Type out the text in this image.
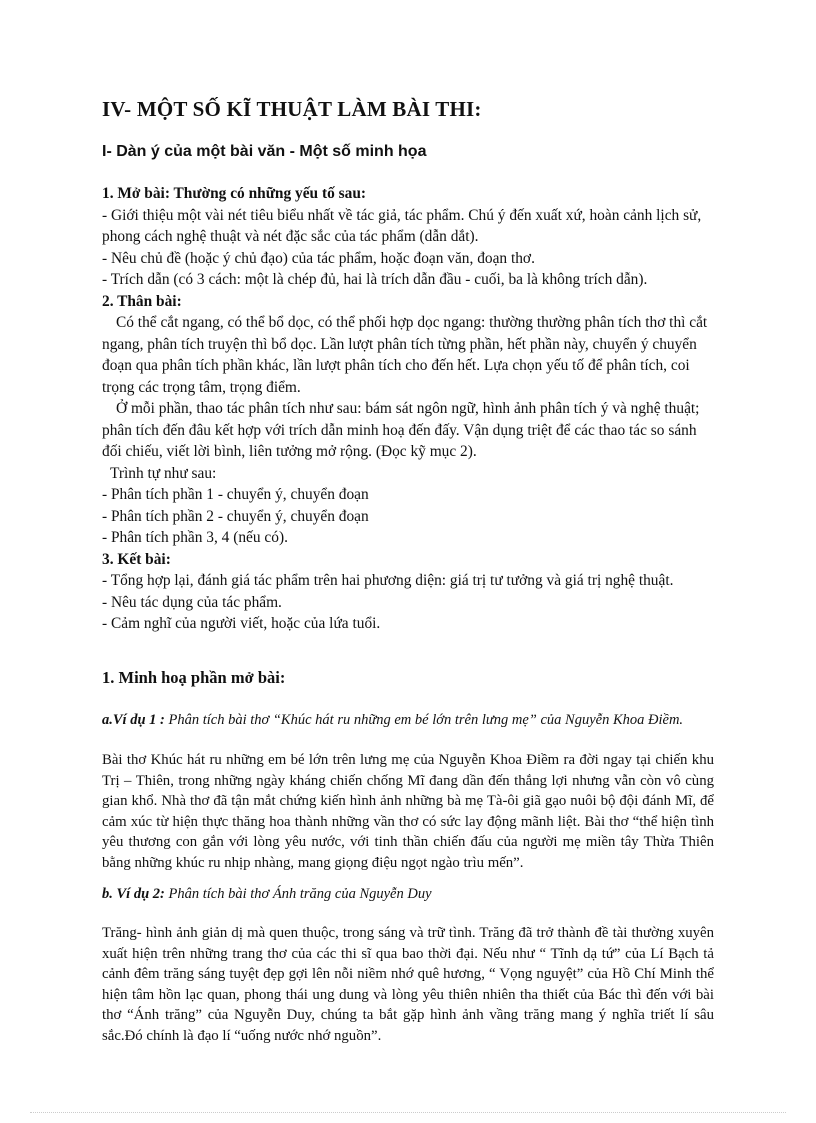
IV- MỘT SỐ KĨ THUẬT LÀM BÀI THI:
I- Dàn ý của một bài văn - Một số minh họa

1. Mở bài: Thường có những yếu tố sau:

- Giới thiệu một vài nét tiêu biểu nhất về tác giả, tác phẩm. Chú ý đến xuất xứ, hoàn cảnh lịch sử, phong cách nghệ thuật và nét đặc sắc của tác phẩm (dẫn dắt).

- Nêu chủ đề (hoặc ý chủ đạo) của tác phẩm, hoặc đoạn văn, đoạn thơ.

- Trích dẫn (có 3 cách: một là chép đủ, hai là trích dẫn đầu - cuối, ba là không trích dẫn).

2. Thân bài:

Có thể cắt ngang, có thể bổ dọc, có thể phối hợp dọc ngang: thường thường phân tích thơ thì cắt ngang, phân tích truyện thì bổ dọc. Lần lượt phân tích từng phần, hết phần này, chuyển ý chuyển đoạn qua phân tích phần khác, lần lượt phân tích cho đến hết. Lựa chọn yếu tố để phân tích, coi trọng các trọng tâm, trọng điểm.

Ở mỗi phần, thao tác phân tích như sau: bám sát ngôn ngữ, hình ảnh phân tích ý và nghệ thuật; phân tích đến đâu kết hợp với trích dẫn minh hoạ đến đấy. Vận dụng triệt để các thao tác so sánh đối chiếu, viết lời bình, liên tưởng mở rộng. (Đọc kỹ mục 2).

Trình tự như sau:

- Phân tích phần 1 - chuyển ý, chuyển đoạn

- Phân tích phần 2 - chuyển ý, chuyển đoạn

- Phân tích phần 3, 4 (nếu có).

3. Kết bài:

- Tổng hợp lại, đánh giá tác phẩm trên hai phương diện: giá trị tư tưởng và giá trị nghệ thuật.

- Nêu tác dụng của tác phẩm.

- Cảm nghĩ của người viết, hoặc của lứa tuổi.

1. Minh hoạ phần mở bài:
a.Ví dụ 1 : Phân tích bài thơ “Khúc hát ru những em bé lớn trên lưng mẹ” của Nguyễn Khoa Điềm.

Bài thơ Khúc hát ru những em bé lớn trên lưng mẹ của Nguyễn Khoa Điềm ra đời ngay tại chiến khu Trị – Thiên, trong những ngày kháng chiến chống Mĩ đang dần đến thắng lợi nhưng vẫn còn vô cùng gian khổ. Nhà thơ đã tận mắt chứng kiến hình ảnh những bà mẹ Tà-ôi giã gạo nuôi bộ đội đánh Mĩ, để cảm xúc từ hiện thực thăng hoa thành những vần thơ có sức lay động mãnh liệt. Bài thơ “thể hiện tình yêu thương con gắn với lòng yêu nước, với tinh thần chiến đấu của người mẹ miền tây Thừa Thiên bằng những khúc ru nhịp nhàng, mang giọng điệu ngọt ngào trìu mến”.

b. Ví dụ 2: Phân tích bài thơ Ánh trăng của Nguyễn Duy

Trăng- hình ảnh giản dị mà quen thuộc, trong sáng và trữ tình. Trăng đã trở thành đề tài thường xuyên xuất hiện trên những trang thơ của các thi sĩ qua bao thời đại. Nếu như “ Tĩnh dạ tứ” của Lí Bạch tả cảnh đêm trăng sáng tuyệt đẹp gợi lên nỗi niềm nhớ quê hương, “ Vọng nguyệt” của Hồ Chí Minh thể hiện tâm hồn lạc quan, phong thái ung dung và lòng yêu thiên nhiên tha thiết của Bác thì đến với bài thơ “Ánh trăng” của Nguyễn Duy, chúng ta bắt gặp hình ảnh vầng trăng mang ý nghĩa triết lí sâu sắc.Đó chính là đạo lí “uống nước nhớ nguồn”.
